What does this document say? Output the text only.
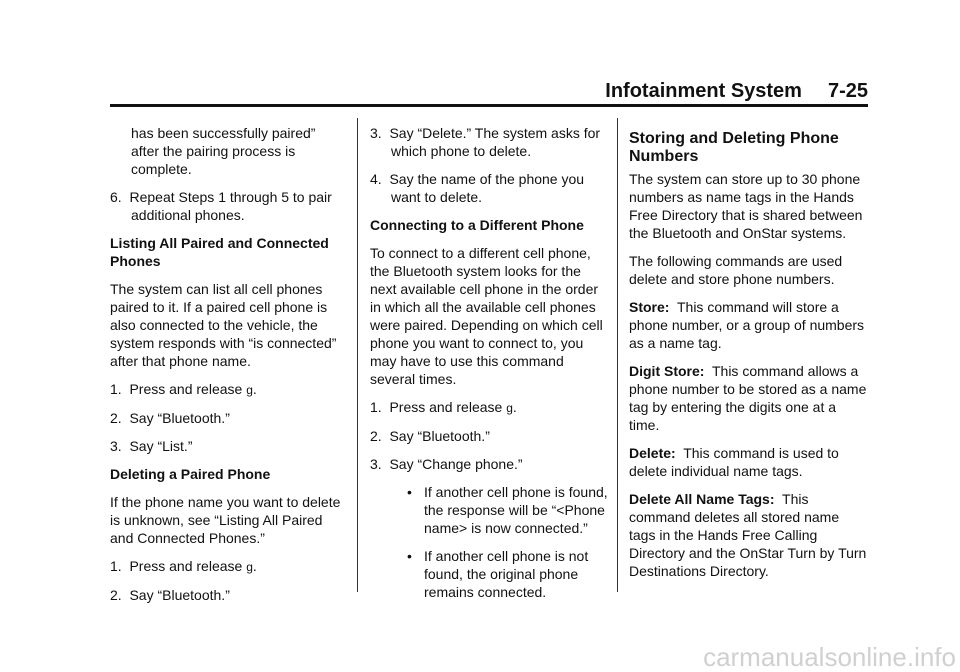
Infotainment System 7-25

has been successfully paired” after the pairing process is complete.

6. Repeat Steps 1 through 5 to pair additional phones.

Listing All Paired and Connected Phones

The system can list all cell phones paired to it. If a paired cell phone is also connected to the vehicle, the system responds with “is connected” after that phone name.

1. Press and release g.

2. Say “Bluetooth.”

3. Say “List.”

Deleting a Paired Phone

If the phone name you want to delete is unknown, see “Listing All Paired and Connected Phones.”

1. Press and release g.

2. Say “Bluetooth.”

3. Say “Delete.” The system asks for which phone to delete.

4. Say the name of the phone you want to delete.

Connecting to a Different Phone

To connect to a different cell phone, the Bluetooth system looks for the next available cell phone in the order in which all the available cell phones were paired. Depending on which cell phone you want to connect to, you may have to use this command several times.

1. Press and release g.

2. Say “Bluetooth.”

3. Say “Change phone.”

• If another cell phone is found, the response will be “<Phone name> is now connected.”

• If another cell phone is not found, the original phone remains connected.

Storing and Deleting Phone Numbers

The system can store up to 30 phone numbers as name tags in the Hands Free Directory that is shared between the Bluetooth and OnStar systems.

The following commands are used delete and store phone numbers.

Store: This command will store a phone number, or a group of numbers as a name tag.

Digit Store: This command allows a phone number to be stored as a name tag by entering the digits one at a time.

Delete: This command is used to delete individual name tags.

Delete All Name Tags: This command deletes all stored name tags in the Hands Free Calling Directory and the OnStar Turn by Turn Destinations Directory.

carmanualsonline.info
